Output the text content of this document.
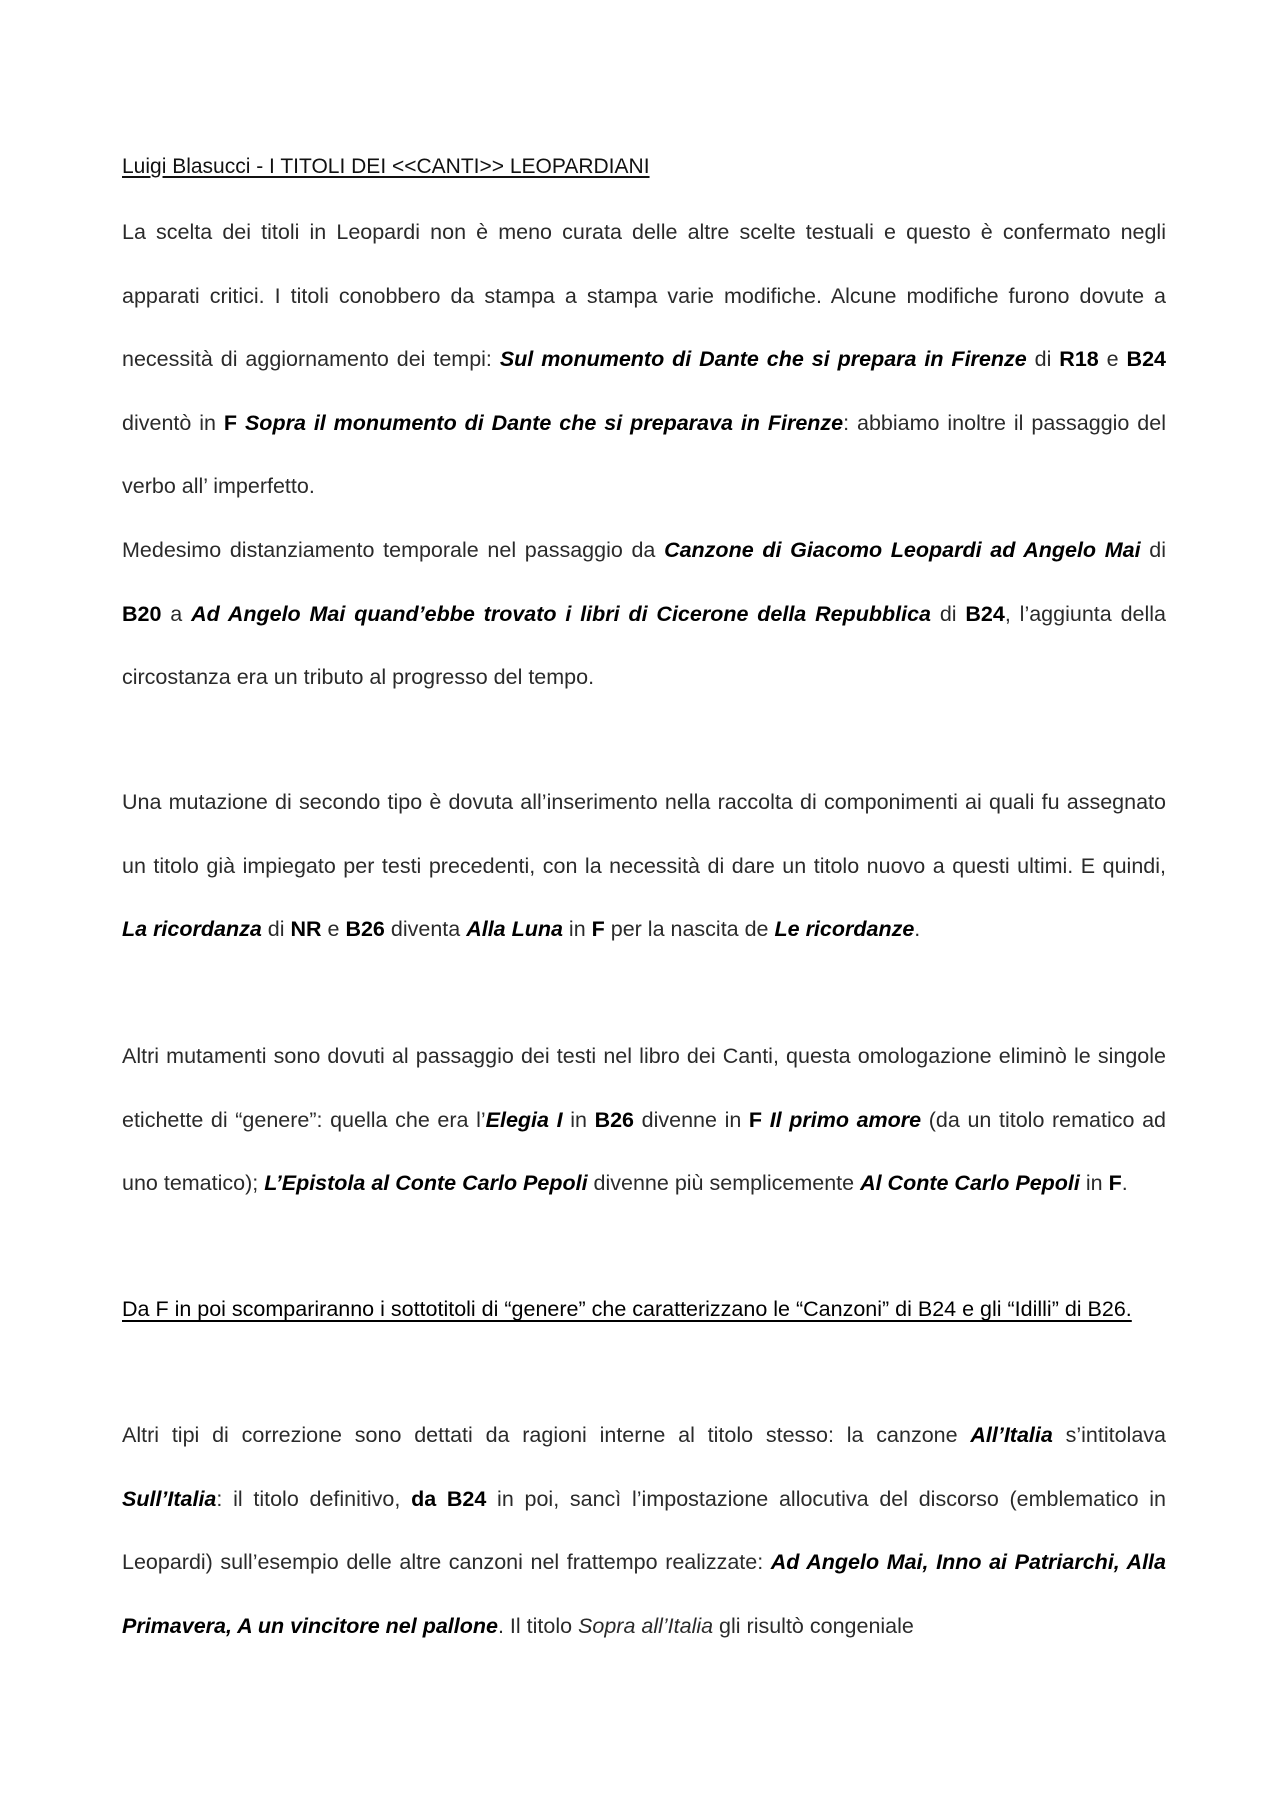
Luigi Blasucci - I TITOLI DEI <<CANTI>> LEOPARDIANI

La scelta dei titoli in Leopardi non è meno curata delle altre scelte testuali e questo è confermato negli apparati critici. I titoli conobbero da stampa a stampa varie modifiche. Alcune modifiche furono dovute a necessità di aggiornamento dei tempi: Sul monumento di Dante che si prepara in Firenze di R18 e B24 diventò in F Sopra il monumento di Dante che si preparava in Firenze: abbiamo inoltre il passaggio del verbo all’ imperfetto.

Medesimo distanziamento temporale nel passaggio da Canzone di Giacomo Leopardi ad Angelo Mai di B20 a Ad Angelo Mai quand’ebbe trovato i libri di Cicerone della Repubblica di B24, l’aggiunta della circostanza era un tributo al progresso del tempo.

Una mutazione di secondo tipo è dovuta all’inserimento nella raccolta di componimenti ai quali fu assegnato un titolo già impiegato per testi precedenti, con la necessità di dare un titolo nuovo a questi ultimi. E quindi, La ricordanza di NR e B26 diventa Alla Luna in F per la nascita de Le ricordanze.

Altri mutamenti sono dovuti al passaggio dei testi nel libro dei Canti, questa omologazione eliminò le singole etichette di “genere”: quella che era l’Elegia I in B26 divenne in F Il primo amore (da un titolo rematico ad uno tematico); L’Epistola al Conte Carlo Pepoli divenne più semplicemente Al Conte Carlo Pepoli in F.

Da F in poi scompariranno i sottotitoli di “genere” che caratterizzano le “Canzoni” di B24 e gli “Idilli” di B26.

Altri tipi di correzione sono dettati da ragioni interne al titolo stesso: la canzone All’Italia s’intitolava Sull’Italia: il titolo definitivo, da B24 in poi, sancì l’impostazione allocutiva del discorso (emblematico in Leopardi) sull’esempio delle altre canzoni nel frattempo realizzate: Ad Angelo Mai, Inno ai Patriarchi, Alla Primavera, A un vincitore nel pallone. Il titolo Sopra all’Italia gli risultò congeniale
